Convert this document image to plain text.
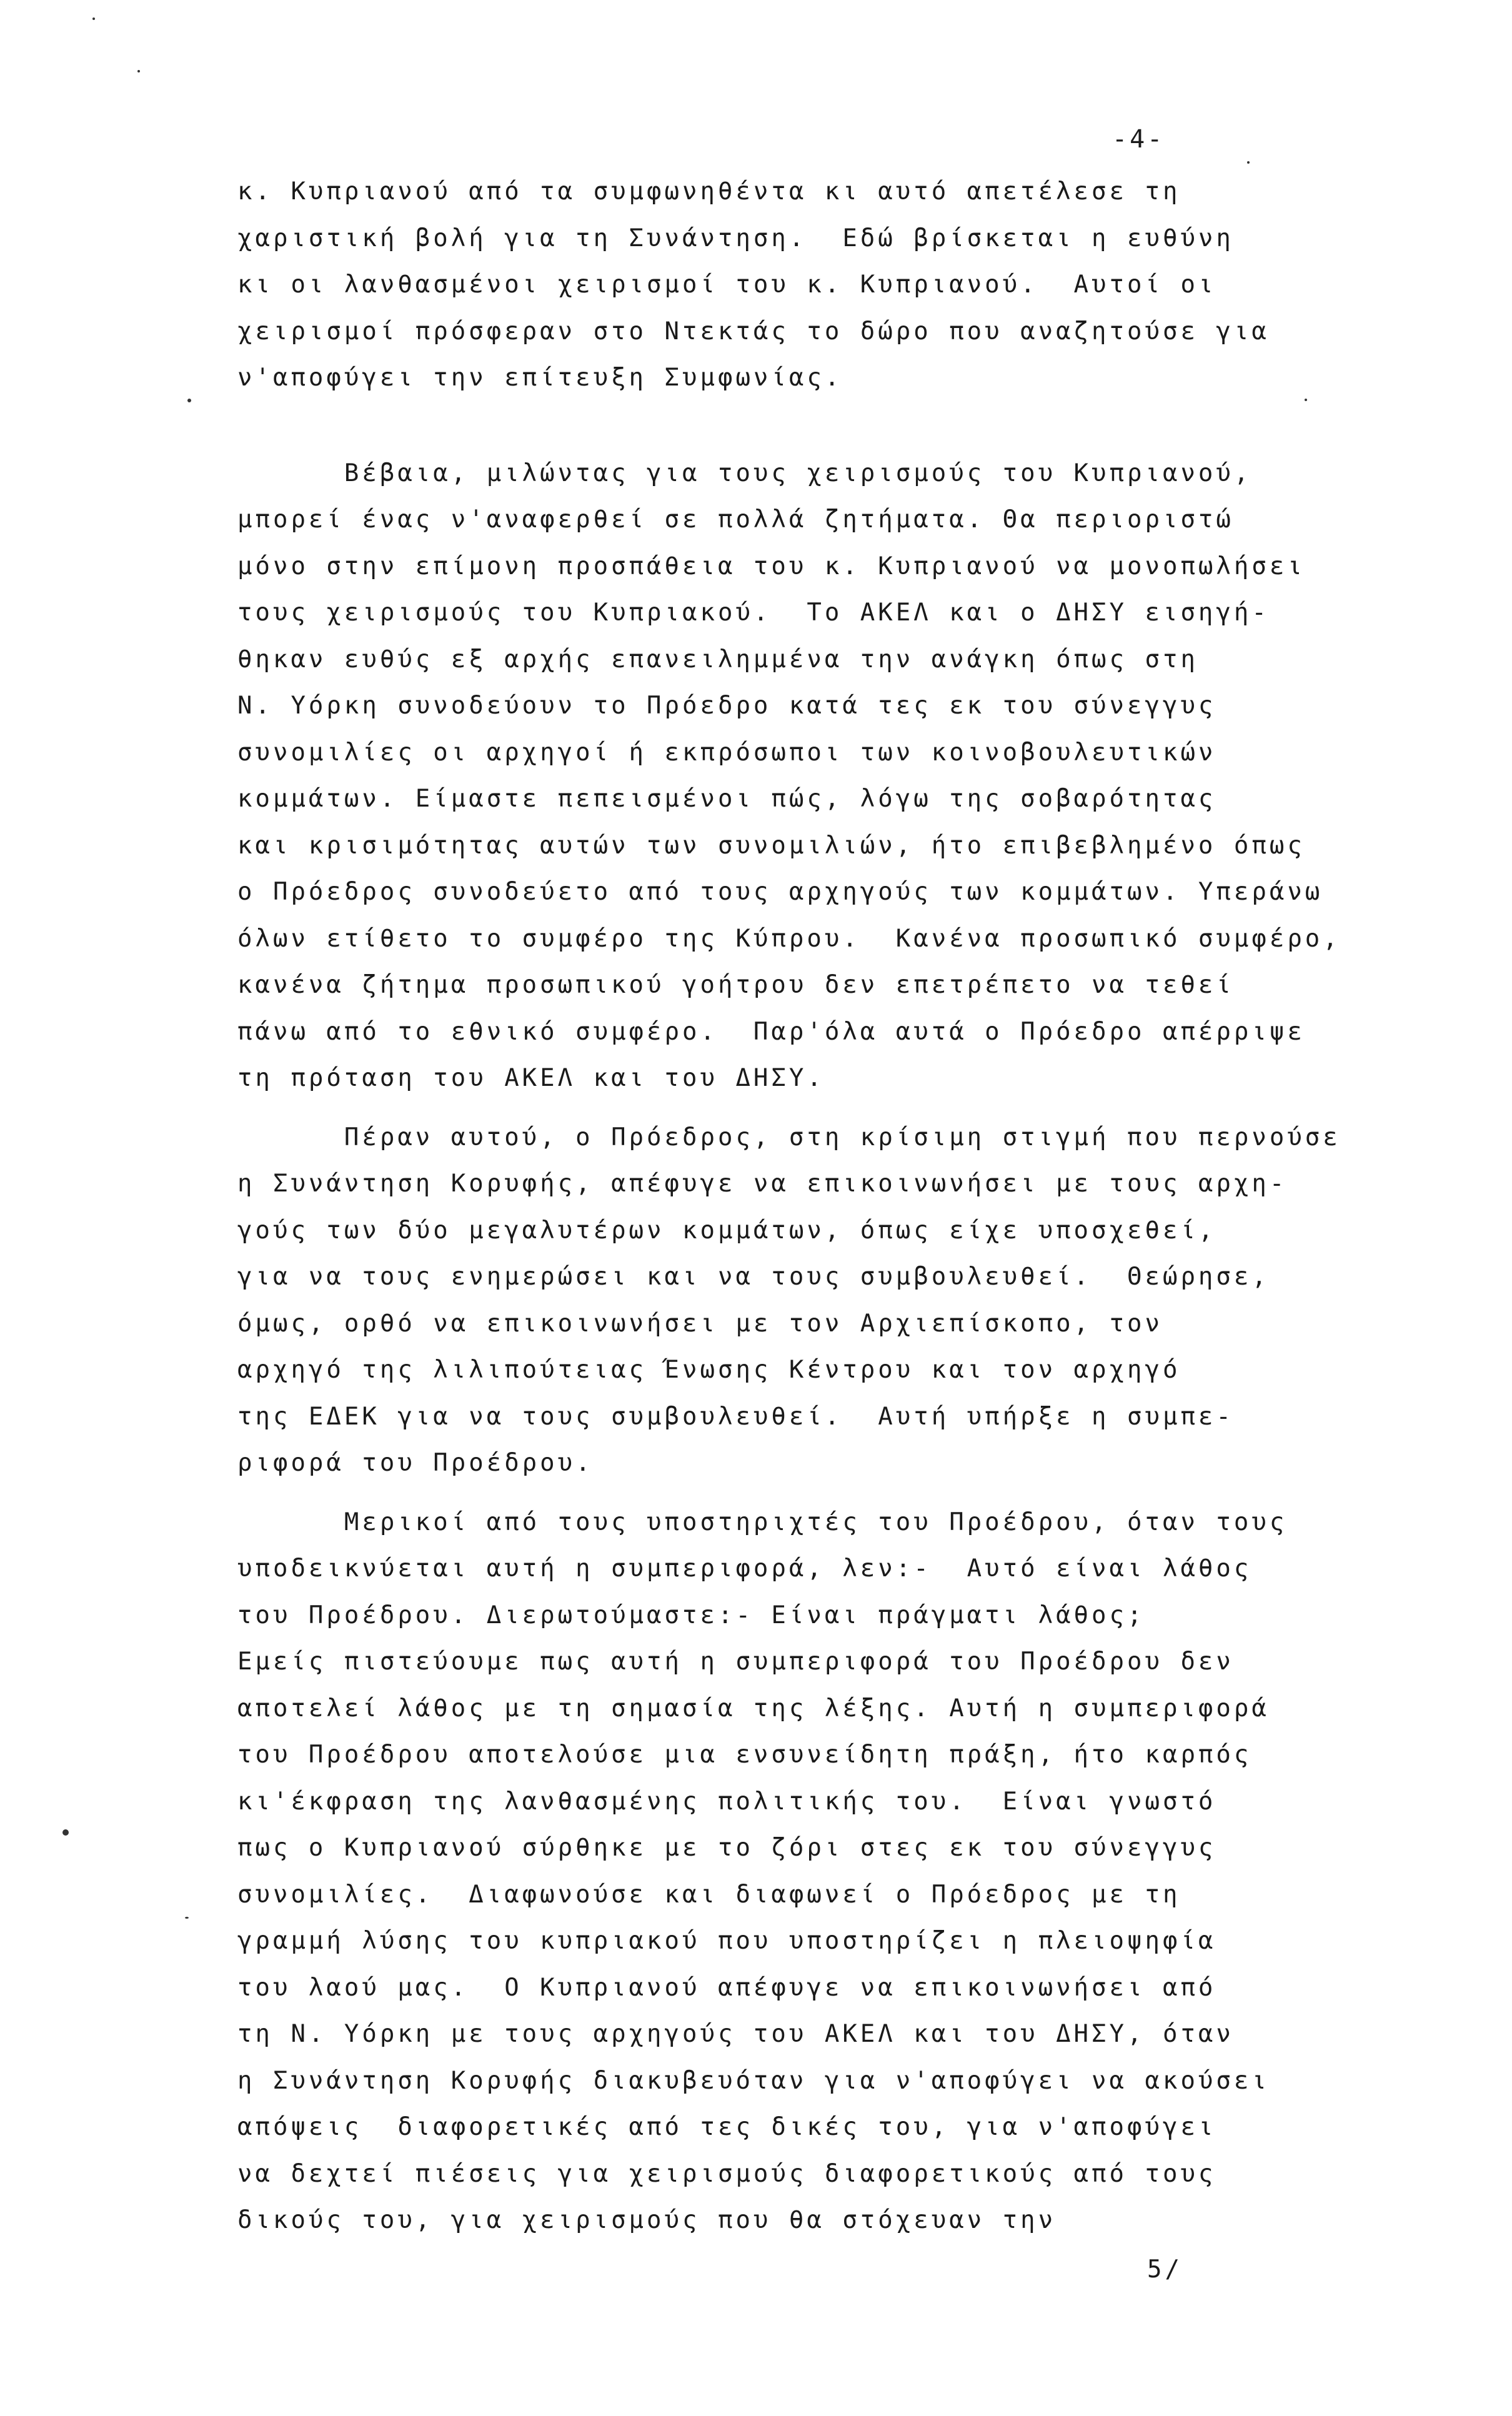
-4-
κ. Κυπριανού από τα συμφωνηθέντα κι αυτό απετέλεσε τη
χαριστική βολή για τη Συνάντηση.  Εδώ βρίσκεται η ευθύνη
κι οι λανθασμένοι χειρισμοί του κ. Κυπριανού.  Αυτοί οι
χειρισμοί πρόσφεραν στο Ντεκτάς το δώρο που αναζητούσε για
ν'αποφύγει την επίτευξη Συμφωνίας.
Βέβαια, μιλώντας για τους χειρισμούς του Κυπριανού,
μπορεί ένας ν'αναφερθεί σε πολλά ζητήματα. Θα περιοριστώ
μόνο στην επίμονη προσπάθεια του κ. Κυπριανού να μονοπωλήσει
τους χειρισμούς του Κυπριακού.  Το ΑΚΕΛ και ο ΔΗΣΥ εισηγή-
θηκαν ευθύς εξ αρχής επανειλημμένα την ανάγκη όπως στη
Ν. Υόρκη συνοδεύουν το Πρόεδρο κατά τες εκ του σύνεγγυς
συνομιλίες οι αρχηγοί ή εκπρόσωποι των κοινοβουλευτικών
κομμάτων. Είμαστε πεπεισμένοι πώς, λόγω της σοβαρότητας
και κρισιμότητας αυτών των συνομιλιών, ήτο επιβεβλημένο όπως
ο Πρόεδρος συνοδεύετο από τους αρχηγούς των κομμάτων. Υπεράνω
όλων ετίθετο το συμφέρο της Κύπρου.  Κανένα προσωπικό συμφέρο,
κανένα ζήτημα προσωπικού γοήτρου δεν επετρέπετο να τεθεί
πάνω από το εθνικό συμφέρο.  Παρ'όλα αυτά ο Πρόεδρο απέρριψε
τη πρόταση του ΑΚΕΛ και του ΔΗΣΥ.
Πέραν αυτού, ο Πρόεδρος, στη κρίσιμη στιγμή που περνούσε
η Συνάντηση Κορυφής, απέφυγε να επικοινωνήσει με τους αρχη-
γούς των δύο μεγαλυτέρων κομμάτων, όπως είχε υποσχεθεί,
για να τους ενημερώσει και να τους συμβουλευθεί.  Θεώρησε,
όμως, ορθό να επικοινωνήσει με τον Αρχιεπίσκοπο, τον
αρχηγό της λιλιπούτειας Ένωσης Κέντρου και τον αρχηγό
της ΕΔΕΚ για να τους συμβουλευθεί.  Αυτή υπήρξε η συμπε-
ριφορά του Προέδρου.
Μερικοί από τους υποστηριχτές του Προέδρου, όταν τους
υποδεικνύεται αυτή η συμπεριφορά, λεν:-  Αυτό είναι λάθος
του Προέδρου. Διερωτούμαστε:- Είναι πράγματι λάθος;
Εμείς πιστεύουμε πως αυτή η συμπεριφορά του Προέδρου δεν
αποτελεί λάθος με τη σημασία της λέξης. Αυτή η συμπεριφορά
του Προέδρου αποτελούσε μια ενσυνείδητη πράξη, ήτο καρπός
κι'έκφραση της λανθασμένης πολιτικής του.  Είναι γνωστό
πως ο Κυπριανού σύρθηκε με το ζόρι στες εκ του σύνεγγυς
συνομιλίες.  Διαφωνούσε και διαφωνεί ο Πρόεδρος με τη
γραμμή λύσης του κυπριακού που υποστηρίζει η πλειοψηφία
του λαού μας.  Ο Κυπριανού απέφυγε να επικοινωνήσει από
τη Ν. Υόρκη με τους αρχηγούς του ΑΚΕΛ και του ΔΗΣΥ, όταν
η Συνάντηση Κορυφής διακυβευόταν για ν'αποφύγει να ακούσει
απόψεις  διαφορετικές από τες δικές του, για ν'αποφύγει
να δεχτεί πιέσεις για χειρισμούς διαφορετικούς από τους
δικούς του, για χειρισμούς που θα στόχευαν την
5/
